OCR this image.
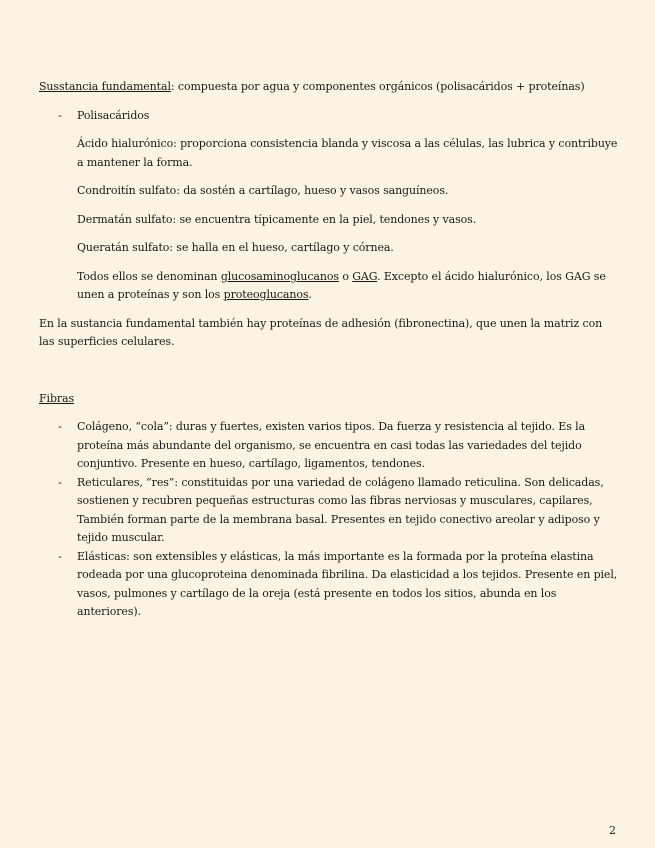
Susstancia fundamental: compuesta por agua y componentes orgánicos (polisacáridos + proteínas)

-	Polisacáridos

Ácido hialurónico: proporciona consistencia blanda y viscosa a las células, las lubrica y contribuye a mantener la forma.

Condroitín sulfato: da sostén a cartílago, hueso y vasos sanguíneos.

Dermatán sulfato: se encuentra típicamente en la piel, tendones y vasos.

Queratán sulfato: se halla en el hueso, cartílago y córnea.

Todos ellos se denominan glucosaminoglucanos o GAG. Excepto el ácido hialurónico, los GAG se unen a proteínas y son los proteoglucanos.

En la sustancia fundamental también hay proteínas de adhesión (fibronectina), que unen la matriz con las superficies celulares.

Fibras

-	Colágeno, “cola”: duras y fuertes, existen varios tipos. Da fuerza y resistencia al tejido. Es la proteína más abundante del organismo, se encuentra en casi todas las variedades del tejido conjuntivo. Presente en hueso, cartílago, ligamentos, tendones.
-	Reticulares, “res”: constituidas por una variedad de colágeno llamado reticulina. Son delicadas, sostienen y recubren pequeñas estructuras como las fibras nerviosas y musculares, capilares, También forman parte de la membrana basal. Presentes en tejido conectivo areolar y adiposo y tejido muscular.
-	Elásticas: son extensibles y elásticas, la más importante es la formada por la proteína elastina rodeada por una glucoproteina denominada fibrilina. Da elasticidad a los tejidos. Presente en piel, vasos, pulmones y cartílago de la oreja (está presente en todos los sitios, abunda en los anteriores).
2
